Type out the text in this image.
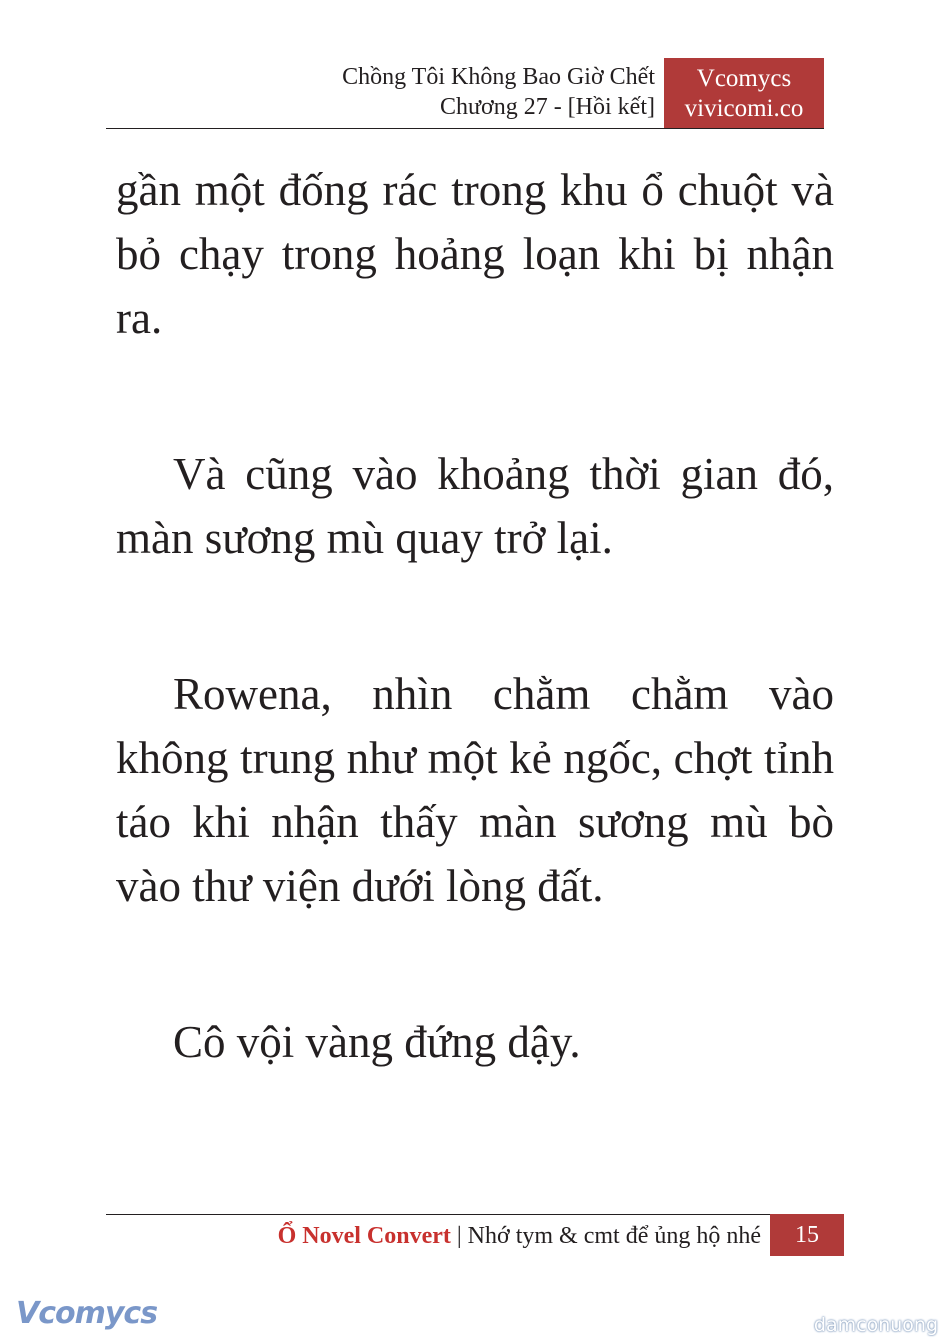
Chồng Tôi Không Bao Giờ Chết
Chương 27 - [Hồi kết]
Vcomycs
vivicomi.co

gần một đống rác trong khu ổ chuột và bỏ chạy trong hoảng loạn khi bị nhận ra.

Và cũng vào khoảng thời gian đó, màn sương mù quay trở lại.

Rowena, nhìn chằm chằm vào không trung như một kẻ ngốc, chợt tỉnh táo khi nhận thấy màn sương mù bò vào thư viện dưới lòng đất.

Cô vội vàng đứng dậy.

Ổ Novel Convert | Nhớ tym & cmt để ủng hộ nhé	15
Vcomycs	damconuong
